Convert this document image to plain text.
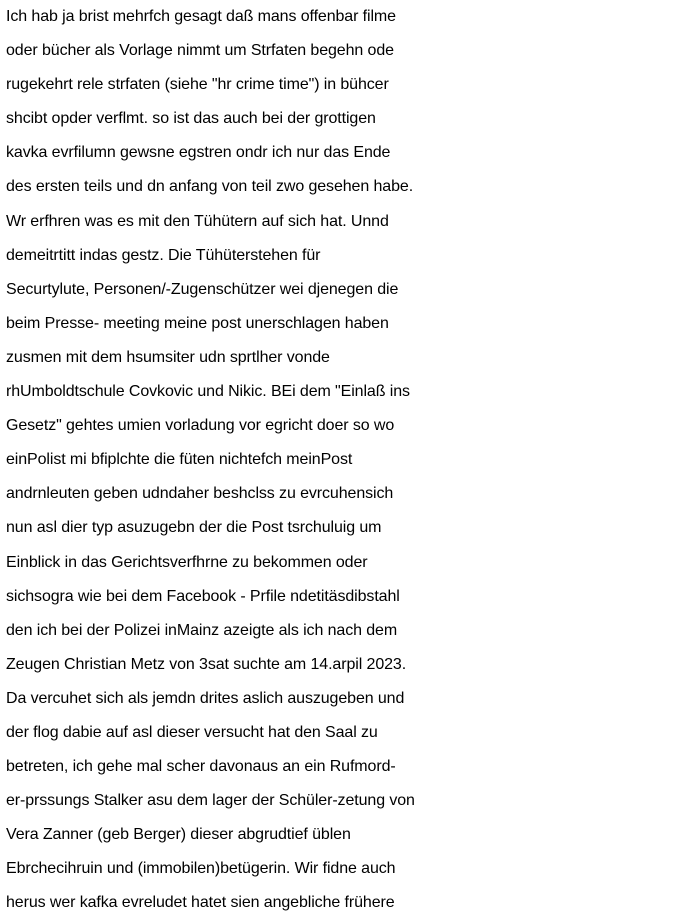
Ich hab ja brist mehrfch gesagt daß mans offenbar filme
oder bücher als Vorlage nimmt um Strfaten begehn ode
rugekehrt rele strfaten (siehe "hr crime time") in bühcer
shcibt opder verflmt. so ist das auch bei der grottigen
kavka evrfilumn gewsne egstren ondr ich nur das Ende
des ersten teils und dn anfang von teil zwo gesehen habe.
Wr erfhren was es mit den Tühütern auf sich hat. Unnd
demeitrtitt indas gestz. Die Tühüterstehen für
Securtylute, Personen/-Zugenschützer wei djenegen die
beim Presse- meeting meine post unerschlagen haben
zusmen mit dem hsumsiter udn sprtlher vonde
rhUmboldtschule Covkovic und Nikic. BEi dem "Einlaß ins
Gesetz" gehtes umien vorladung vor egricht doer so wo
einPolist mi bfiplchte die füten nichtefch meinPost
andrnleuten geben udndaher beshclss zu evrcuhensich
nun asl dier typ asuzugebn der die Post tsrchuluig um
Einblick in das Gerichtsverfhrne zu bekommen oder
sichsogra wie bei dem Facebook - Prfile ndetitäsdibstahl
den ich bei der Polizei inMainz azeigte als ich nach dem
Zeugen Christian Metz von 3sat suchte am 14.arpil 2023.
Da vercuhet sich als jemdn drites aslich auszugeben und
der flog dabie auf asl dieser versucht hat den Saal zu
betreten, ich gehe mal scher davonaus an ein Rufmord-
er-prssungs Stalker asu dem lager der Schüler-zetung von
Vera Zanner (geb Berger) dieser abgrudtief üblen
Ebrchecihruin und (immobilen)betügerin. Wir fidne auch
herus wer kafka evreludet hatet sien angebliche frühere
